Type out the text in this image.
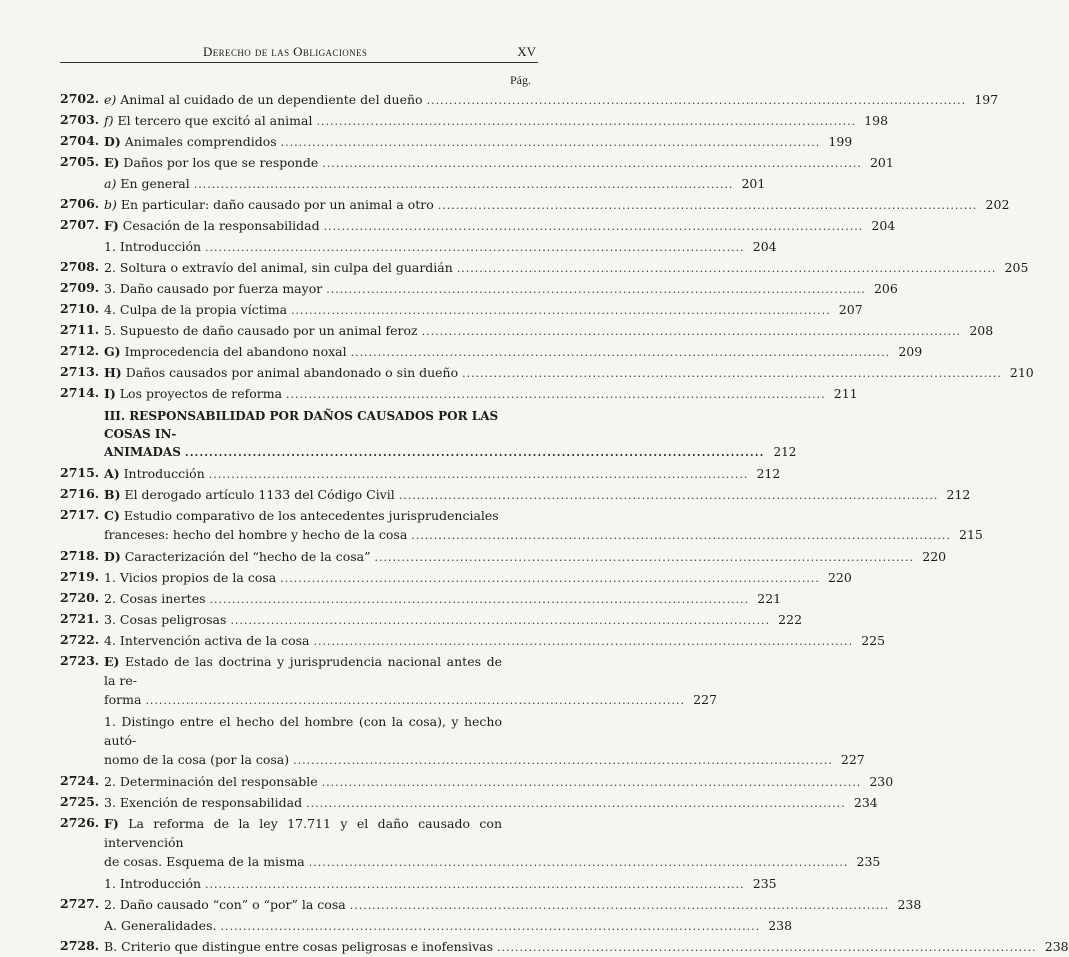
Derecho de las Obligaciones	XV
Pág.
2702. e) Animal al cuidado de un dependiente del dueño ........................................................................................................................ 197
2703. f) El tercero que excitó al animal ........................................................................................................................ 198
2704. D) Animales comprendidos ........................................................................................................................ 199
2705. E) Daños por los que se responde ........................................................................................................................ 201
a) En general ........................................................................................................................ 201
2706. b) En particular: daño causado por un animal a otro ........................................................................................................................ 202
2707. F) Cesación de la responsabilidad ........................................................................................................................ 204
1. Introducción ........................................................................................................................ 204
2708. 2. Soltura o extravío del animal, sin culpa del guardián ........................................................................................................................ 205
2709. 3. Daño causado por fuerza mayor ........................................................................................................................ 206
2710. 4. Culpa de la propia víctima ........................................................................................................................ 207
2711. 5. Supuesto de daño causado por un animal feroz ........................................................................................................................ 208
2712. G) Improcedencia del abandono noxal ........................................................................................................................ 209
2713. H) Daños causados por animal abandonado o sin dueño ........................................................................................................................ 210
2714. I) Los proyectos de reforma ........................................................................................................................ 211
III. RESPONSABILIDAD POR DAÑOS CAUSADOS POR LAS COSAS IN-
ANIMADAS ........................................................................................................................ 212
2715. A) Introducción ........................................................................................................................ 212
2716. B) El derogado artículo 1133 del Código Civil ........................................................................................................................ 212
2717. C) Estudio comparativo de los antecedentes jurisprudenciales
franceses: hecho del hombre y hecho de la cosa ........................................................................................................................ 215
2718. D) Caracterización del “hecho de la cosa” ........................................................................................................................ 220
2719. 1. Vicios propios de la cosa ........................................................................................................................ 220
2720. 2. Cosas inertes ........................................................................................................................ 221
2721. 3. Cosas peligrosas ........................................................................................................................ 222
2722. 4. Intervención activa de la cosa ........................................................................................................................ 225
2723. E) Estado de las doctrina y jurisprudencia nacional antes de la re-
forma ........................................................................................................................ 227
1. Distingo entre el hecho del hombre (con la cosa), y hecho autó-
nomo de la cosa (por la cosa) ........................................................................................................................ 227
2724. 2. Determinación del responsable ........................................................................................................................ 230
2725. 3. Exención de responsabilidad ........................................................................................................................ 234
2726. F) La reforma de la ley 17.711 y el daño causado con intervención
de cosas. Esquema de la misma ........................................................................................................................ 235
1. Introducción ........................................................................................................................ 235
2727. 2. Daño causado “con” o “por” la cosa ........................................................................................................................ 238
A. Generalidades. ........................................................................................................................ 238
2728. B. Criterio que distingue entre cosas peligrosas e inofensivas ........................................................................................................................ 238
